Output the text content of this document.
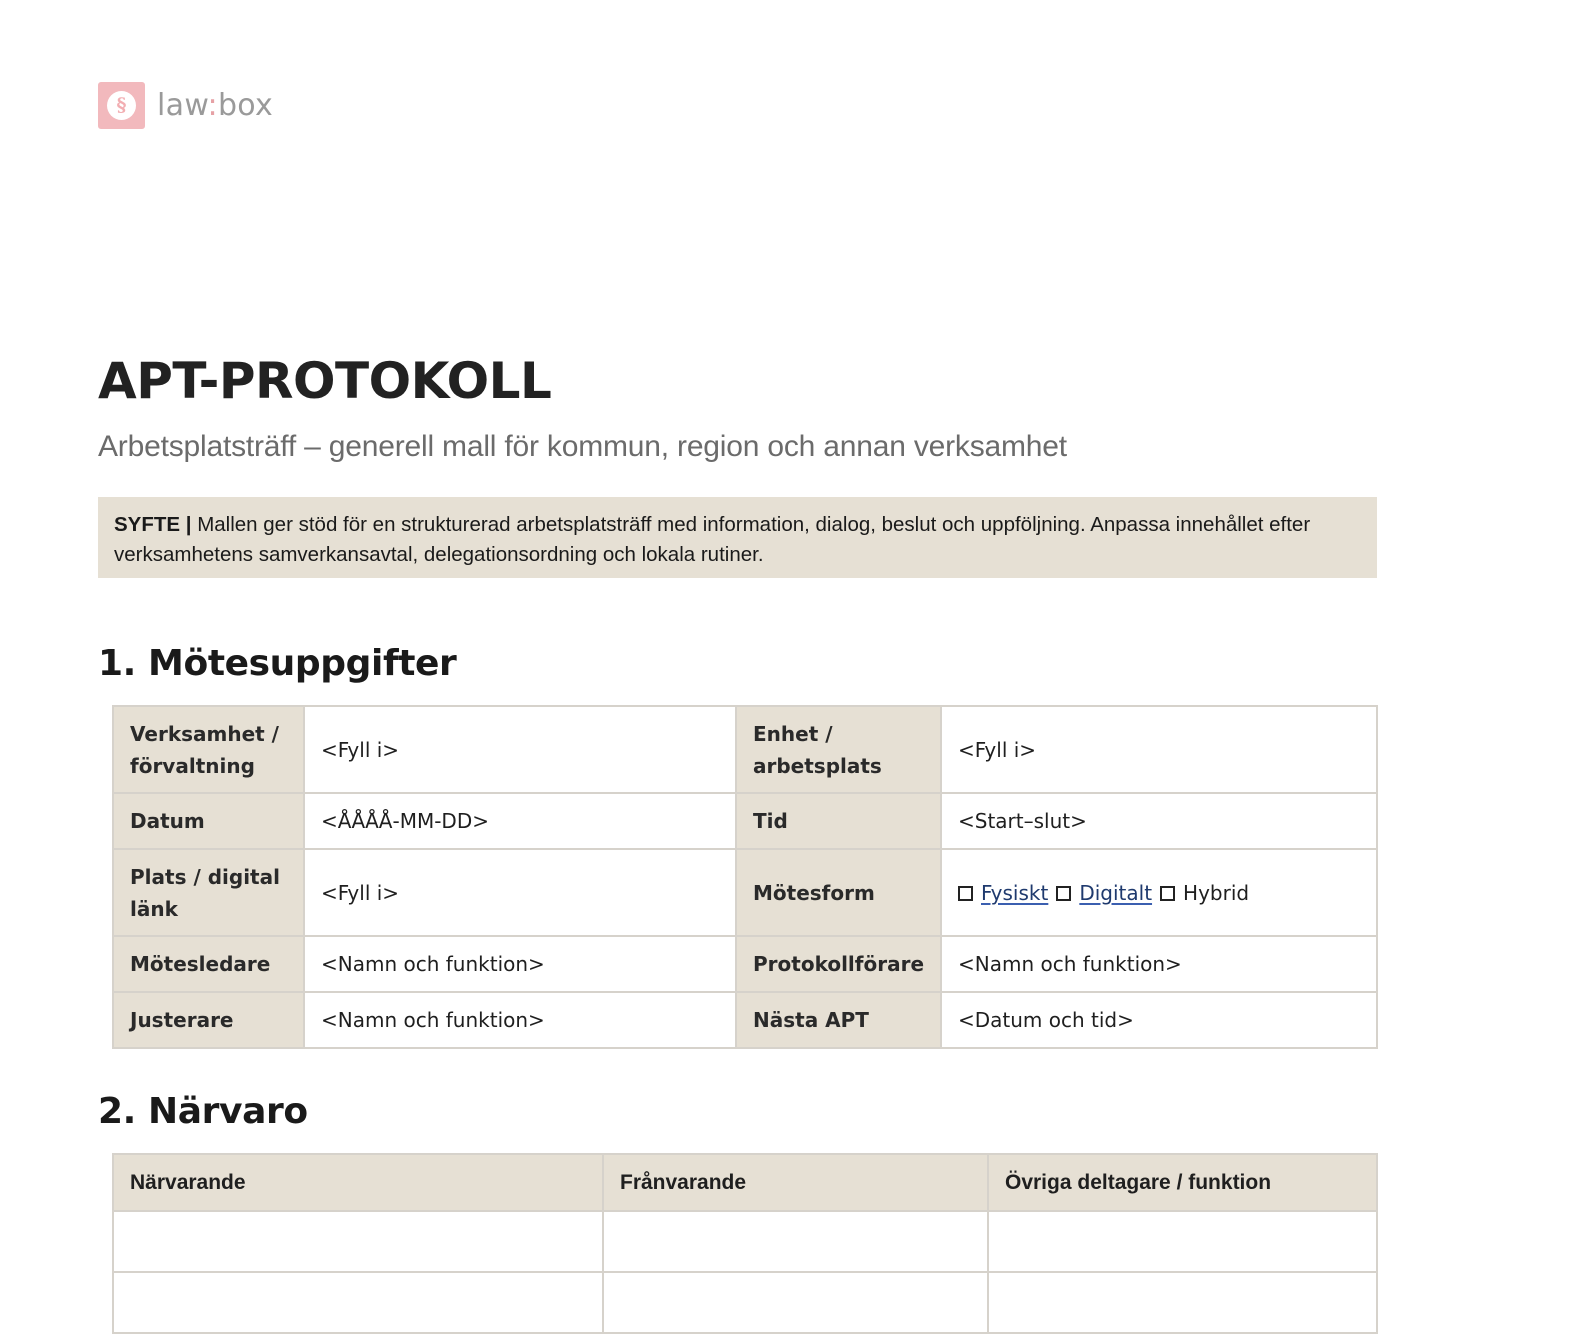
§	law:box
APT-PROTOKOLL

Arbetsplatsträff – generell mall för kommun, region och annan verksamhet

SYFTE | Mallen ger stöd för en strukturerad arbetsplatsträff med information, dialog, beslut och uppföljning. Anpassa innehållet efter verksamhetens samverkansavtal, delegationsordning och lokala rutiner.
1. Mötesuppgifter
Verksamhet / förvaltning	<Fyll i>	Enhet / arbetsplats	<Fyll i>
Datum	<ÅÅÅÅ-MM-DD>	Tid	<Start–slut>
Plats / digital länk	<Fyll i>	Mötesform	Fysiskt Digitalt Hybrid

Mötesledare	<Namn och funktion>	Protokollförare	<Namn och funktion>
Justerare	<Namn och funktion>	Nästa APT	<Datum och tid>
2. Närvaro
Närvarande	Frånvarande	Övriga deltagare / funktion
